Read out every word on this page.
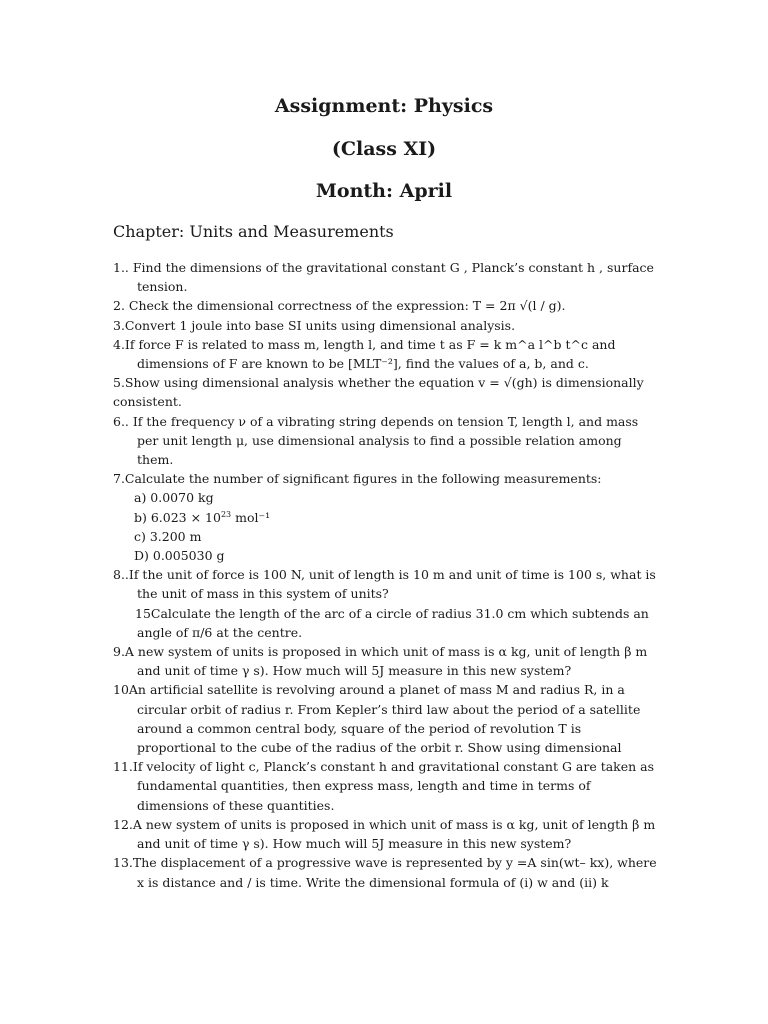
Assignment: Physics
(Class XI)
Month: April
Chapter: Units and Measurements
1.. Find the dimensions of the gravitational constant G , Planck’s constant h , surface tension.
2. Check the dimensional correctness of the expression: T = 2π √(l / g).
3.Convert 1 joule into base SI units using dimensional analysis.
4.If force F is related to mass m, length l, and time t as F = k m^a l^b t^c and dimensions of F are known to be [MLT⁻²], find the values of a, b, and c.
5.Show using dimensional analysis whether the equation v = √(gh) is dimensionally consistent.
6.. If the frequency ν of a vibrating string depends on tension T, length l, and mass per unit length μ, use dimensional analysis to find a possible relation among them.
7.Calculate the number of significant figures in the following measurements:
a) 0.0070 kg
b) $6.023 \times 10^{23}$ mol⁻¹
c) 3.200 m
D) 0.005030 g
8..If the unit of force is 100 N, unit of length is 10 m and unit of time is 100 s, what is the unit of mass in this system of units?
15Calculate the length of the arc of a circle of radius 31.0 cm which subtends an angle of π/6 at the centre.
9.A new system of units is proposed in which unit of mass is α kg, unit of length β m and unit of time γ s). How much will 5J measure in this new system?
10An artificial satellite is revolving around a planet of mass M and radius R, in a circular orbit of radius r. From Kepler’s third law about the period of a satellite around a common central body, square of the period of revolution T is proportional to the cube of the radius of the orbit r. Show using dimensional
11.If velocity of light c, Planck’s constant h and gravitational constant G are taken as fundamental quantities, then express mass, length and time in terms of dimensions of these quantities.
12.A new system of units is proposed in which unit of mass is α kg, unit of length β m and unit of time γ s). How much will 5J measure in this new system?
13.The displacement of a progressive wave is represented by y =A sin(wt– kx), where x is distance and / is time. Write the dimensional formula of (i) w and (ii) k
